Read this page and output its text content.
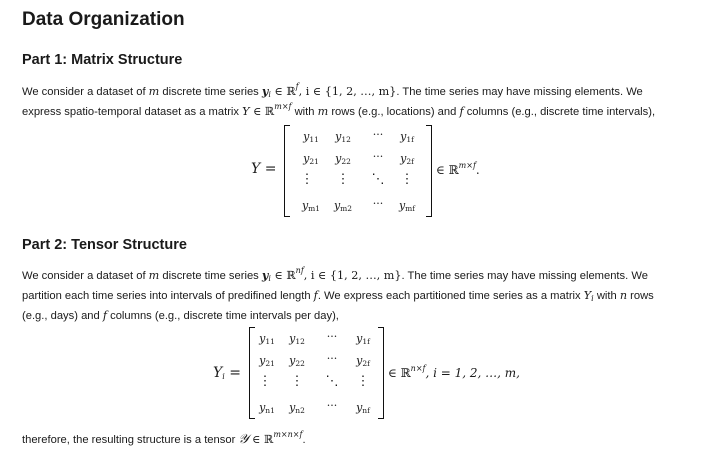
Data Organization
Part 1: Matrix Structure

We consider a dataset of m discrete time series $y_i$ ∈ ℝ$^f$, i ∈ {1, 2, …, m}. The time series may have missing elements. We
express spatio-temporal dataset as a matrix Y ∈ ℝ$^{m\times f}$ with m rows (e.g., locations) and f columns (e.g., discrete time intervals),

Y =
$y_{11}$ $y_{12}$ ··· $y_{1f}$
$y_{21}$ $y_{22}$ ··· $y_{2f}$
⋮ ⋮ ⋱ ⋮
$y_{m1}$ $y_{m2}$ ··· $y_{mf}$
∈ ℝ$^{m\times f}$.
Part 2: Tensor Structure

We consider a dataset of m discrete time series $y_i$ ∈ ℝ$^{nf}$, i ∈ {1, 2, …, m}. The time series may have missing elements. We
partition each time series into intervals of predifined length f. We express each partitioned time series as a matrix $Y_i$ with n rows
(e.g., days) and f columns (e.g., discrete time intervals per day),

$Y_i$ =
$y_{11}$ $y_{12}$ ··· $y_{1f}$
$y_{21}$ $y_{22}$ ··· $y_{2f}$
⋮ ⋮ ⋱ ⋮
$y_{n1}$ $y_{n2}$ ··· $y_{nf}$
∈ ℝ$^{n\times f}$, i = 1, 2, …, m,

therefore, the resulting structure is a tensor 𝒴 ∈ ℝ$^{m\times n\times f}$.
